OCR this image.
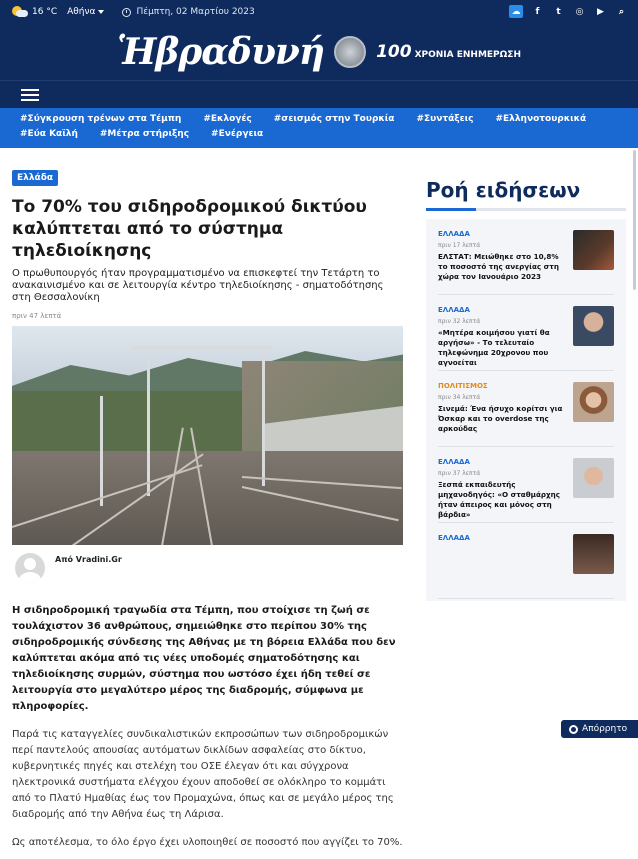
16 °C Αθήνα	Πέμπτη, 02 Μαρτίου 2023	☁	f	t	◎	▶	⌕
Ἡβραδυνή	100 ΧΡΟΝΙΑ ΕΝΗΜΕΡΩΣΗ
#Σύγκρουση τρένων στα Τέμπη #Εκλογές #σεισμός στην Τουρκία #Συντάξεις #Ελληνοτουρκικά
#Εύα Καϊλή #Μέτρα στήριξης #Ενέργεια
Ελλάδα
Το 70% του σιδηροδρομικού δικτύου καλύπτεται από το σύστημα τηλεδιοίκησης

Ο πρωθυπουργός ήταν προγραμματισμένο να επισκεφτεί την Τετάρτη το ανακαινισμένο και σε λειτουργία κέντρο τηλεδιοίκησης - σηματοδότησης στη Θεσσαλονίκη

πριν 47 λεπτά
Από Vradini.Gr

Η σιδηροδρομική τραγωδία στα Τέμπη, που στοίχισε τη ζωή σε τουλάχιστον 36 ανθρώπους, σημειώθηκε στο περίπου 30% της σιδηροδρομικής σύνδεσης της Αθήνας με τη βόρεια Ελλάδα που δεν καλύπτεται ακόμα από τις νέες υποδομές σηματοδότησης και τηλεδιοίκησης συρμών, σύστημα που ωστόσο έχει ήδη τεθεί σε λειτουργία στο μεγαλύτερο μέρος της διαδρομής, σύμφωνα με πληροφορίες.

Παρά τις καταγγελίες συνδικαλιστικών εκπροσώπων των σιδηροδρομικών περί παντελούς απουσίας αυτόματων δικλίδων ασφαλείας στο δίκτυο, κυβερνητικές πηγές και στελέχη του ΟΣΕ έλεγαν ότι και σύγχρονα ηλεκτρονικά συστήματα ελέγχου έχουν αποδοθεί σε ολόκληρο το κομμάτι από το Πλατύ Ημαθίας έως τον Προμαχώνα, όπως και σε μεγάλο μέρος της διαδρομής από την Αθήνα έως τη Λάρισα.

Ως αποτέλεσμα, το όλο έργο έχει υλοποιηθεί σε ποσοστό που αγγίζει το 70%.

Ροή ειδήσεων
ΕΛΛΑΔΑ
πριν 17 λεπτά
ΕΛΣΤΑΤ: Μειώθηκε στο 10,8% το ποσοστό της ανεργίας στη χώρα τον Ιανουάριο 2023
ΕΛΛΑΔΑ
πριν 32 λεπτά
«Μητέρα κοιμήσου γιατί θα αργήσω» - Το τελευταίο τηλεφώνημα 20χρονου που αγνοείται
ΠΟΛΙΤΙΣΜΟΣ
πριν 34 λεπτά
Σινεμά: Ένα ήσυχο κορίτσι για Όσκαρ και το overdose της αρκούδας
ΕΛΛΑΔΑ
πριν 37 λεπτά
Ξεσπά εκπαιδευτής μηχανοδηγός: «Ο σταθμάρχης ήταν άπειρος και μόνος στη βάρδια»
ΕΛΛΑΔΑ
Απόρρητο
